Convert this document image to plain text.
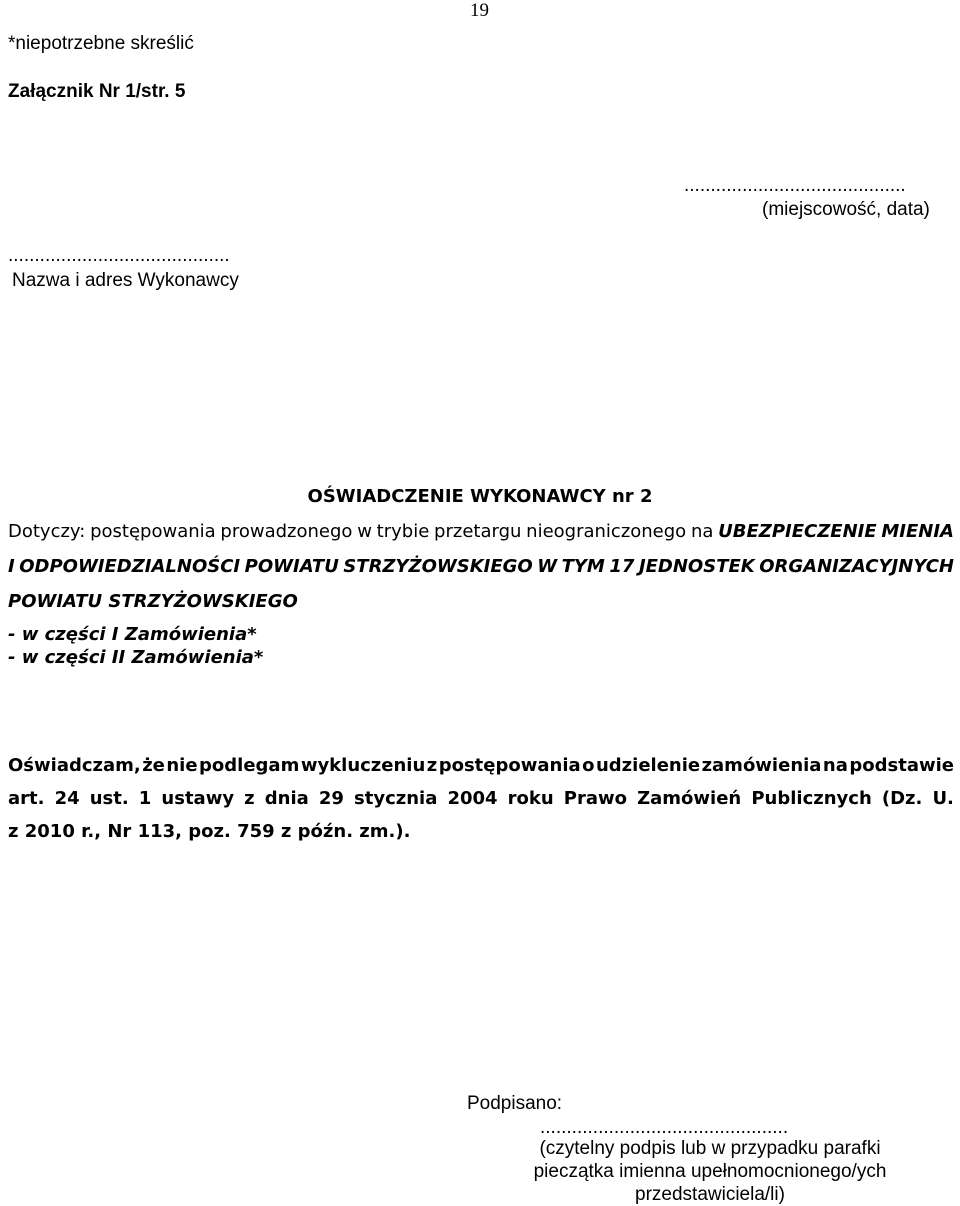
19
*niepotrzebne skreślić
Załącznik Nr 1/str. 5
..........................................
(miejscowość, data)
..........................................
Nazwa i adres Wykonawcy
OŚWIADCZENIE WYKONAWCY nr 2
Dotyczy: postępowania prowadzonego w trybie przetargu nieograniczonego na UBEZPIECZENIE MIENIA
I ODPOWIEDZIALNOŚCI POWIATU STRZYŻOWSKIEGO W TYM 17 JEDNOSTEK ORGANIZACYJNYCH
POWIATU STRZYŻOWSKIEGO
- w części I Zamówienia*
- w części II Zamówienia*
Oświadczam, że nie podlegam wykluczeniu z postępowania o udzielenie zamówienia na podstawie
art. 24 ust. 1 ustawy z dnia 29 stycznia 2004 roku Prawo Zamówień Publicznych (Dz. U.
z 2010 r., Nr 113, poz. 759 z późn. zm.).
Podpisano:
...............................................
(czytelny podpis lub w przypadku parafki
pieczątka imienna upełnomocnionego/ych
przedstawiciela/li)
